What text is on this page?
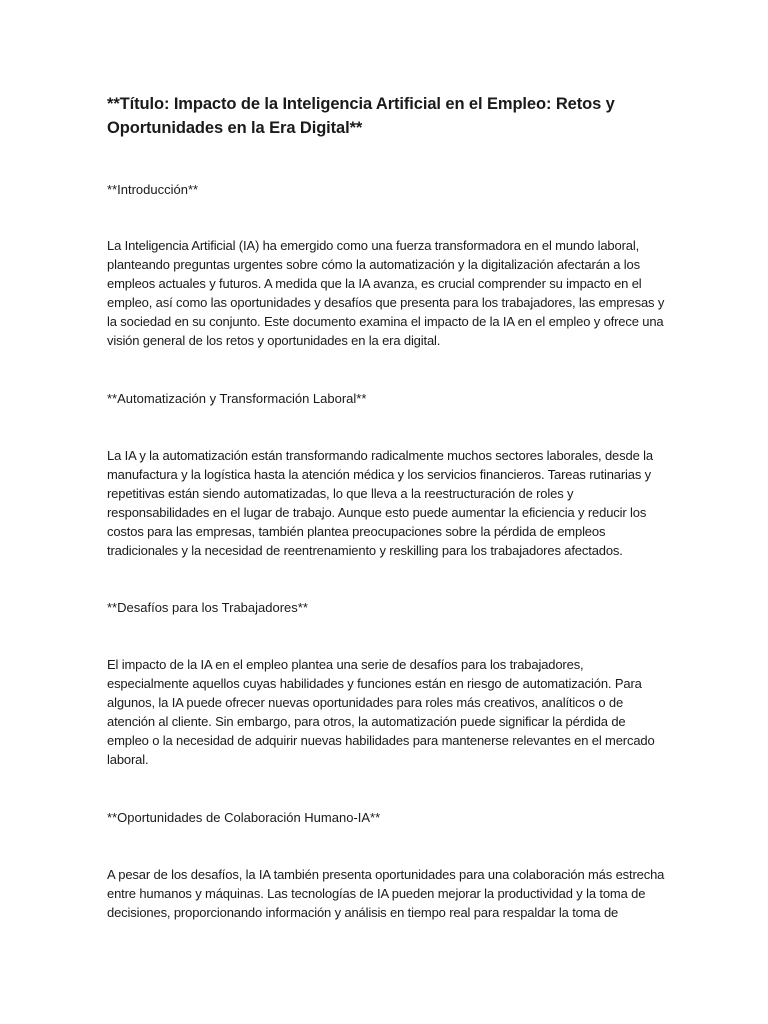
**Título: Impacto de la Inteligencia Artificial en el Empleo: Retos y
Oportunidades en la Era Digital**
**Introducción**

La Inteligencia Artificial (IA) ha emergido como una fuerza transformadora en el mundo laboral,
planteando preguntas urgentes sobre cómo la automatización y la digitalización afectarán a los
empleos actuales y futuros. A medida que la IA avanza, es crucial comprender su impacto en el
empleo, así como las oportunidades y desafíos que presenta para los trabajadores, las empresas y
la sociedad en su conjunto. Este documento examina el impacto de la IA en el empleo y ofrece una
visión general de los retos y oportunidades en la era digital.

**Automatización y Transformación Laboral**

La IA y la automatización están transformando radicalmente muchos sectores laborales, desde la
manufactura y la logística hasta la atención médica y los servicios financieros. Tareas rutinarias y
repetitivas están siendo automatizadas, lo que lleva a la reestructuración de roles y
responsabilidades en el lugar de trabajo. Aunque esto puede aumentar la eficiencia y reducir los
costos para las empresas, también plantea preocupaciones sobre la pérdida de empleos
tradicionales y la necesidad de reentrenamiento y reskilling para los trabajadores afectados.

**Desafíos para los Trabajadores**

El impacto de la IA en el empleo plantea una serie de desafíos para los trabajadores,
especialmente aquellos cuyas habilidades y funciones están en riesgo de automatización. Para
algunos, la IA puede ofrecer nuevas oportunidades para roles más creativos, analíticos o de
atención al cliente. Sin embargo, para otros, la automatización puede significar la pérdida de
empleo o la necesidad de adquirir nuevas habilidades para mantenerse relevantes en el mercado
laboral.

**Oportunidades de Colaboración Humano-IA**

A pesar de los desafíos, la IA también presenta oportunidades para una colaboración más estrecha
entre humanos y máquinas. Las tecnologías de IA pueden mejorar la productividad y la toma de
decisiones, proporcionando información y análisis en tiempo real para respaldar la toma de
